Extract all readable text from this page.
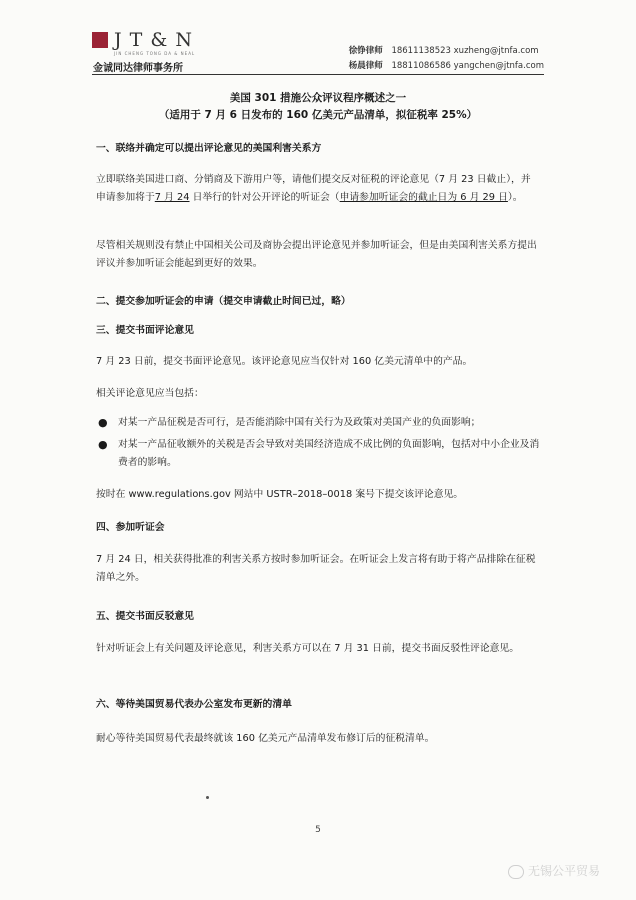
J T & N
JIN CHENG TONG DA & NEAL
金诚同达律师事务所
徐铮律师 18611138523 xuzheng@jtnfa.com
杨晨律师 18811086586 yangchen@jtnfa.com
美国 301 措施公众评议程序概述之一
（适用于 7 月 6 日发布的 160 亿美元产品清单，拟征税率 25%）
一、联络并确定可以提出评论意见的美国利害关系方
立即联络美国进口商、分销商及下游用户等，请他们提交反对征税的评论意见（7 月 23 日截止），并申请参加将于7 月 24 日举行的针对公开评论的听证会（申请参加听证会的截止日为 6 月 29 日）。
尽管相关规则没有禁止中国相关公司及商协会提出评论意见并参加听证会，但是由美国利害关系方提出评议并参加听证会能起到更好的效果。
二、提交参加听证会的申请（提交申请截止时间已过，略）
三、提交书面评论意见
7 月 23 日前，提交书面评论意见。该评论意见应当仅针对 160 亿美元清单中的产品。
相关评论意见应当包括：
● 对某一产品征税是否可行，是否能消除中国有关行为及政策对美国产业的负面影响；
● 对某一产品征收额外的关税是否会导致对美国经济造成不成比例的负面影响，包括对中小企业及消费者的影响。
按时在 www.regulations.gov 网站中 USTR–2018–0018 案号下提交该评论意见。
四、参加听证会
7 月 24 日，相关获得批准的利害关系方按时参加听证会。在听证会上发言将有助于将产品排除在征税清单之外。
五、提交书面反驳意见
针对听证会上有关问题及评论意见，利害关系方可以在 7 月 31 日前，提交书面反驳性评论意见。
六、等待美国贸易代表办公室发布更新的清单
耐心等待美国贸易代表最终就该 160 亿美元产品清单发布修订后的征税清单。
5
无锡公平贸易
